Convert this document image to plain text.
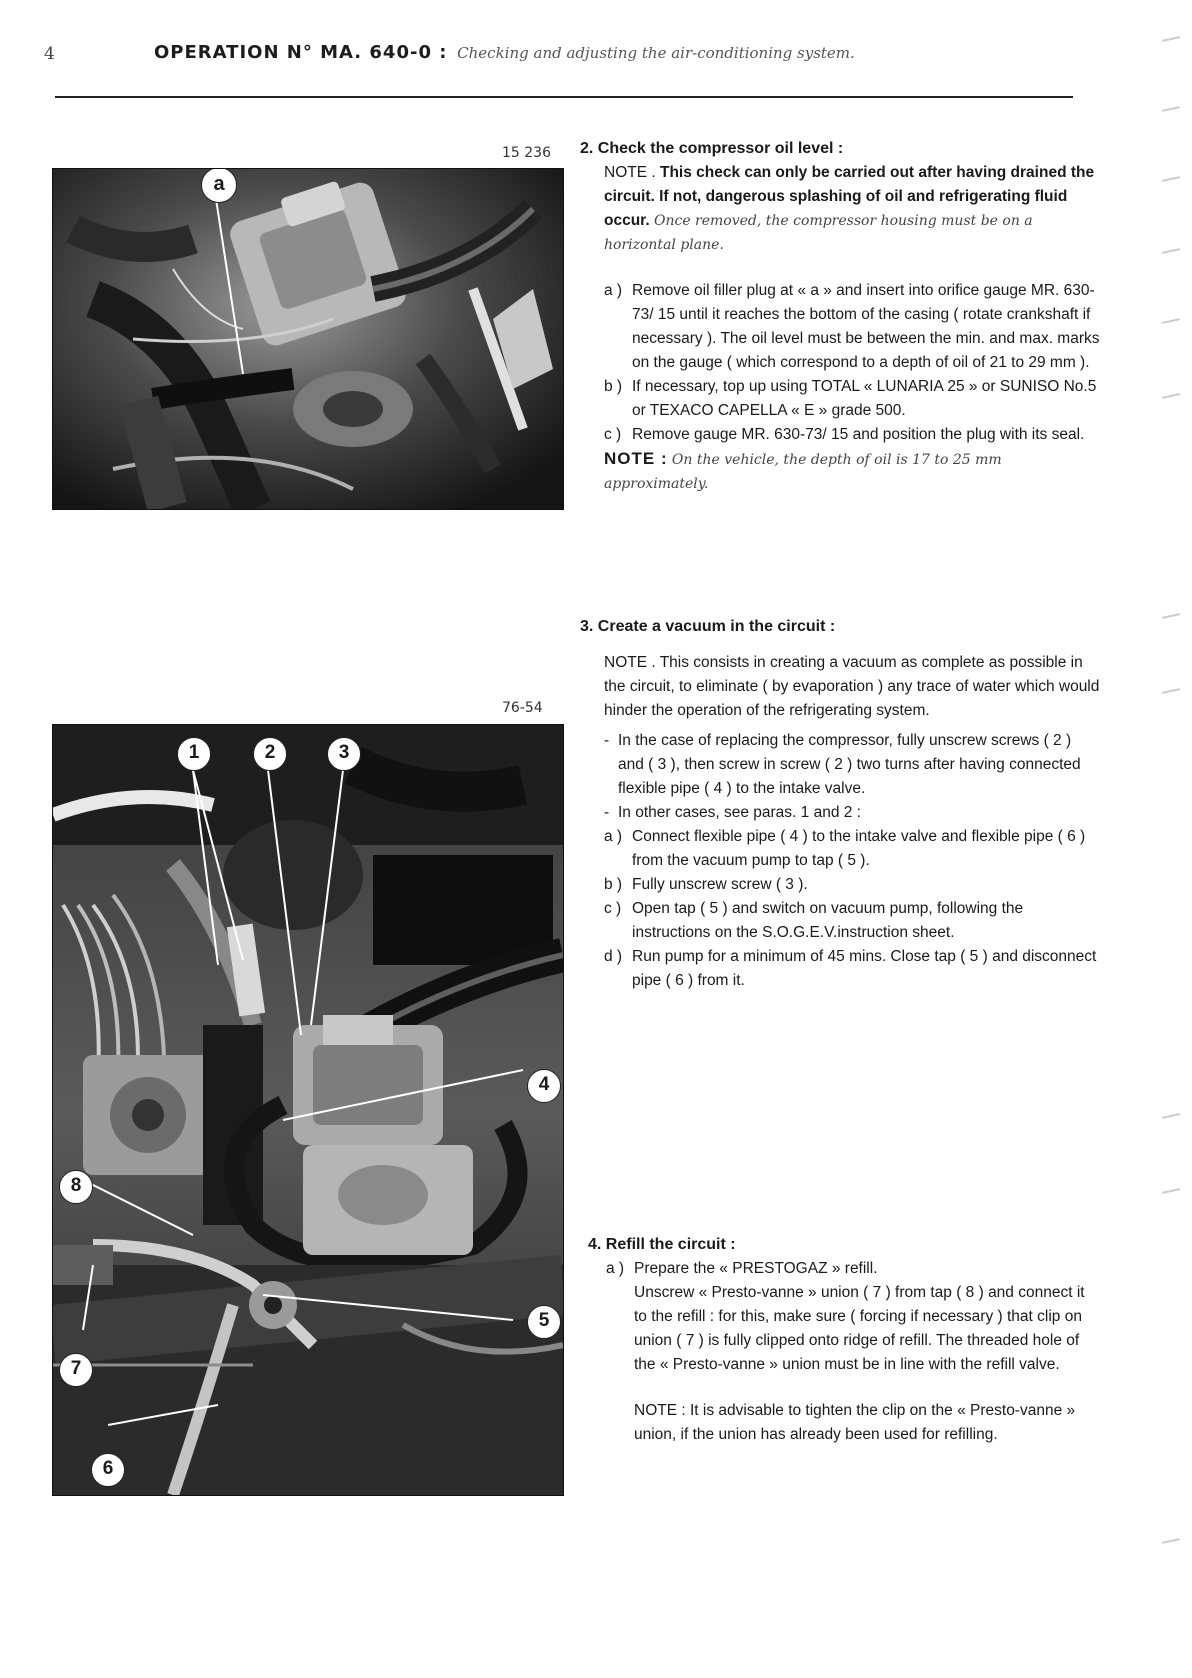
4	OPERATION N° MA. 640-0 : Checking and adjusting the air-conditioning system.
15 236
a
76-54
1	2	3
4
5
6
7
8
2. Check the compressor oil level :
NOTE . This check can only be carried out after having drained the circuit. If not, dangerous splashing of oil and refrigerating fluid occur. Once removed, the compressor housing must be on a horizontal plane.
a ) Remove oil filler plug at « a » and insert into orifice gauge MR. 630-73/ 15 until it reaches the bottom of the casing ( rotate crankshaft if necessary ). The oil level must be between the min. and max. marks on the gauge ( which correspond to a depth of oil of 21 to 29 mm ).
b ) If necessary, top up using TOTAL « LUNARIA 25 » or SUNISO No.5 or TEXACO CAPELLA « E » grade 500.
c ) Remove gauge MR. 630-73/ 15 and position the plug with its seal.
NOTE : On the vehicle, the depth of oil is 17 to 25 mm approximately.
3. Create a vacuum in the circuit :
NOTE . This consists in creating a vacuum as complete as possible in the circuit, to eliminate ( by evaporation ) any trace of water which would hinder the operation of the refrigerating system.
- In the case of replacing the compressor, fully unscrew screws ( 2 ) and ( 3 ), then screw in screw ( 2 ) two turns after having connected flexible pipe ( 4 ) to the intake valve.
- In other cases, see paras. 1 and 2 :
a ) Connect flexible pipe ( 4 ) to the intake valve and flexible pipe ( 6 ) from the vacuum pump to tap ( 5 ).
b ) Fully unscrew screw ( 3 ).
c ) Open tap ( 5 ) and switch on vacuum pump, following the instructions on the S.O.G.E.V.instruction sheet.
d ) Run pump for a minimum of 45 mins. Close tap ( 5 ) and disconnect pipe ( 6 ) from it.
4. Refill the circuit :
a ) Prepare the « PRESTOGAZ » refill.
Unscrew « Presto-vanne » union ( 7 ) from tap ( 8 ) and connect it to the refill : for this, make sure ( forcing if necessary ) that clip on union ( 7 ) is fully clipped onto ridge of refill. The threaded hole of the « Presto-vanne » union must be in line with the refill valve.
NOTE : It is advisable to tighten the clip on the « Presto-vanne » union, if the union has already been used for refilling.
